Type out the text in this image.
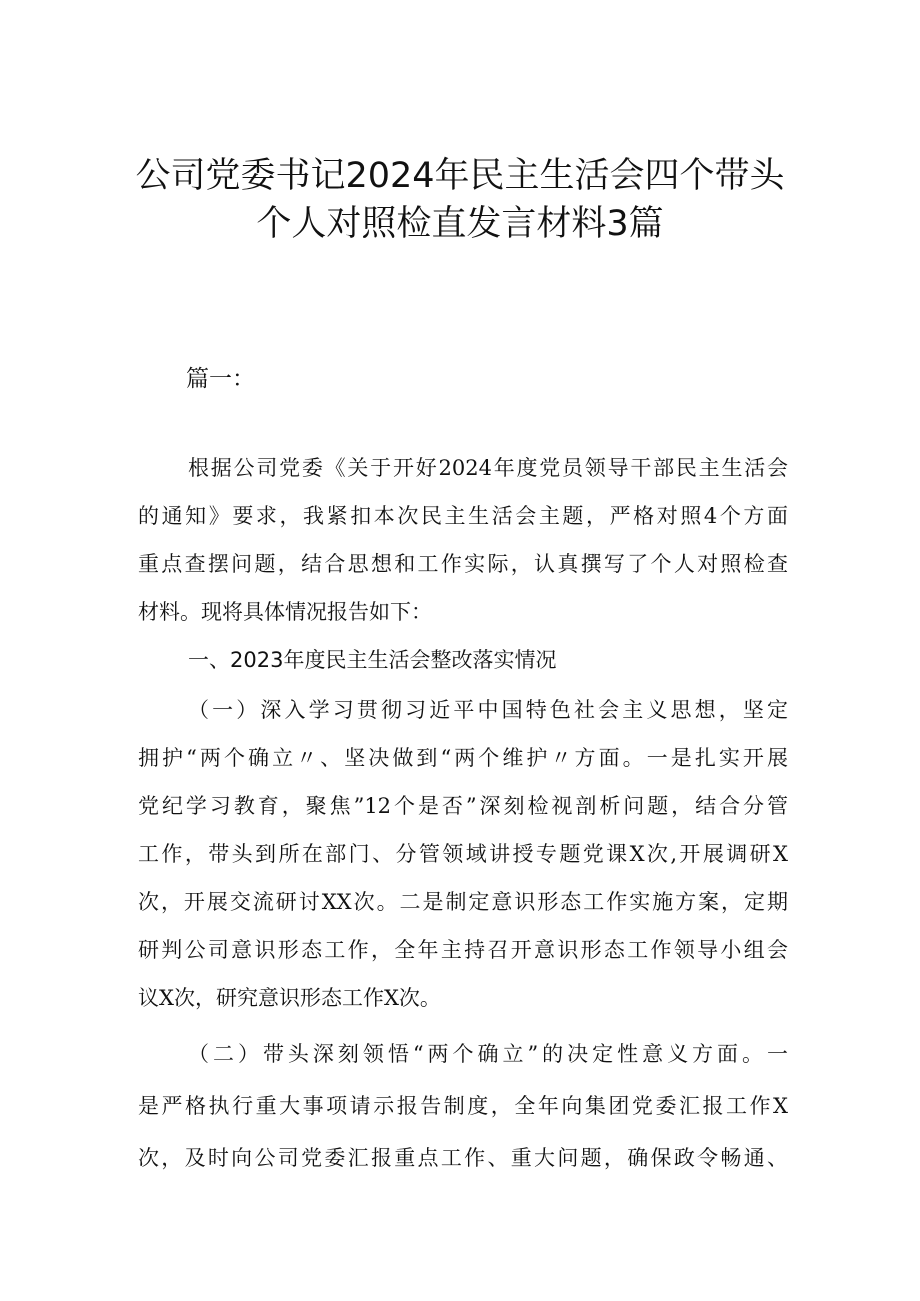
公司党委书记2024年民主生活会四个带头
个人对照检直发言材料3篇
篇一：
根据公司党委《关于开好2024年度党员领导干部民主生活会
的通知》要求，我紧扣本次民主生活会主题，严格对照4个方面
重点查摆问题，结合思想和工作实际，认真撰写了个人对照检查
材料。现将具体情况报告如下：
一、2023年度民主生活会整改落实情况
（一）深入学习贯彻习近平中国特色社会主义思想，坚定
拥护“两个确立〃、坚决做到“两个维护〃方面。一是扎实开展
党纪学习教育，聚焦”12个是否”深刻检视剖析问题，结合分管
工作，带头到所在部门、分管领域讲授专题党课X次,开展调研X
次，开展交流研讨XX次。二是制定意识形态工作实施方案，定期
研判公司意识形态工作，全年主持召开意识形态工作领导小组会
议X次，研究意识形态工作X次。
（二）带头深刻领悟“两个确立”的决定性意义方面。一
是严格执行重大事项请示报告制度，全年向集团党委汇报工作X
次，及时向公司党委汇报重点工作、重大问题，确保政令畅通、
